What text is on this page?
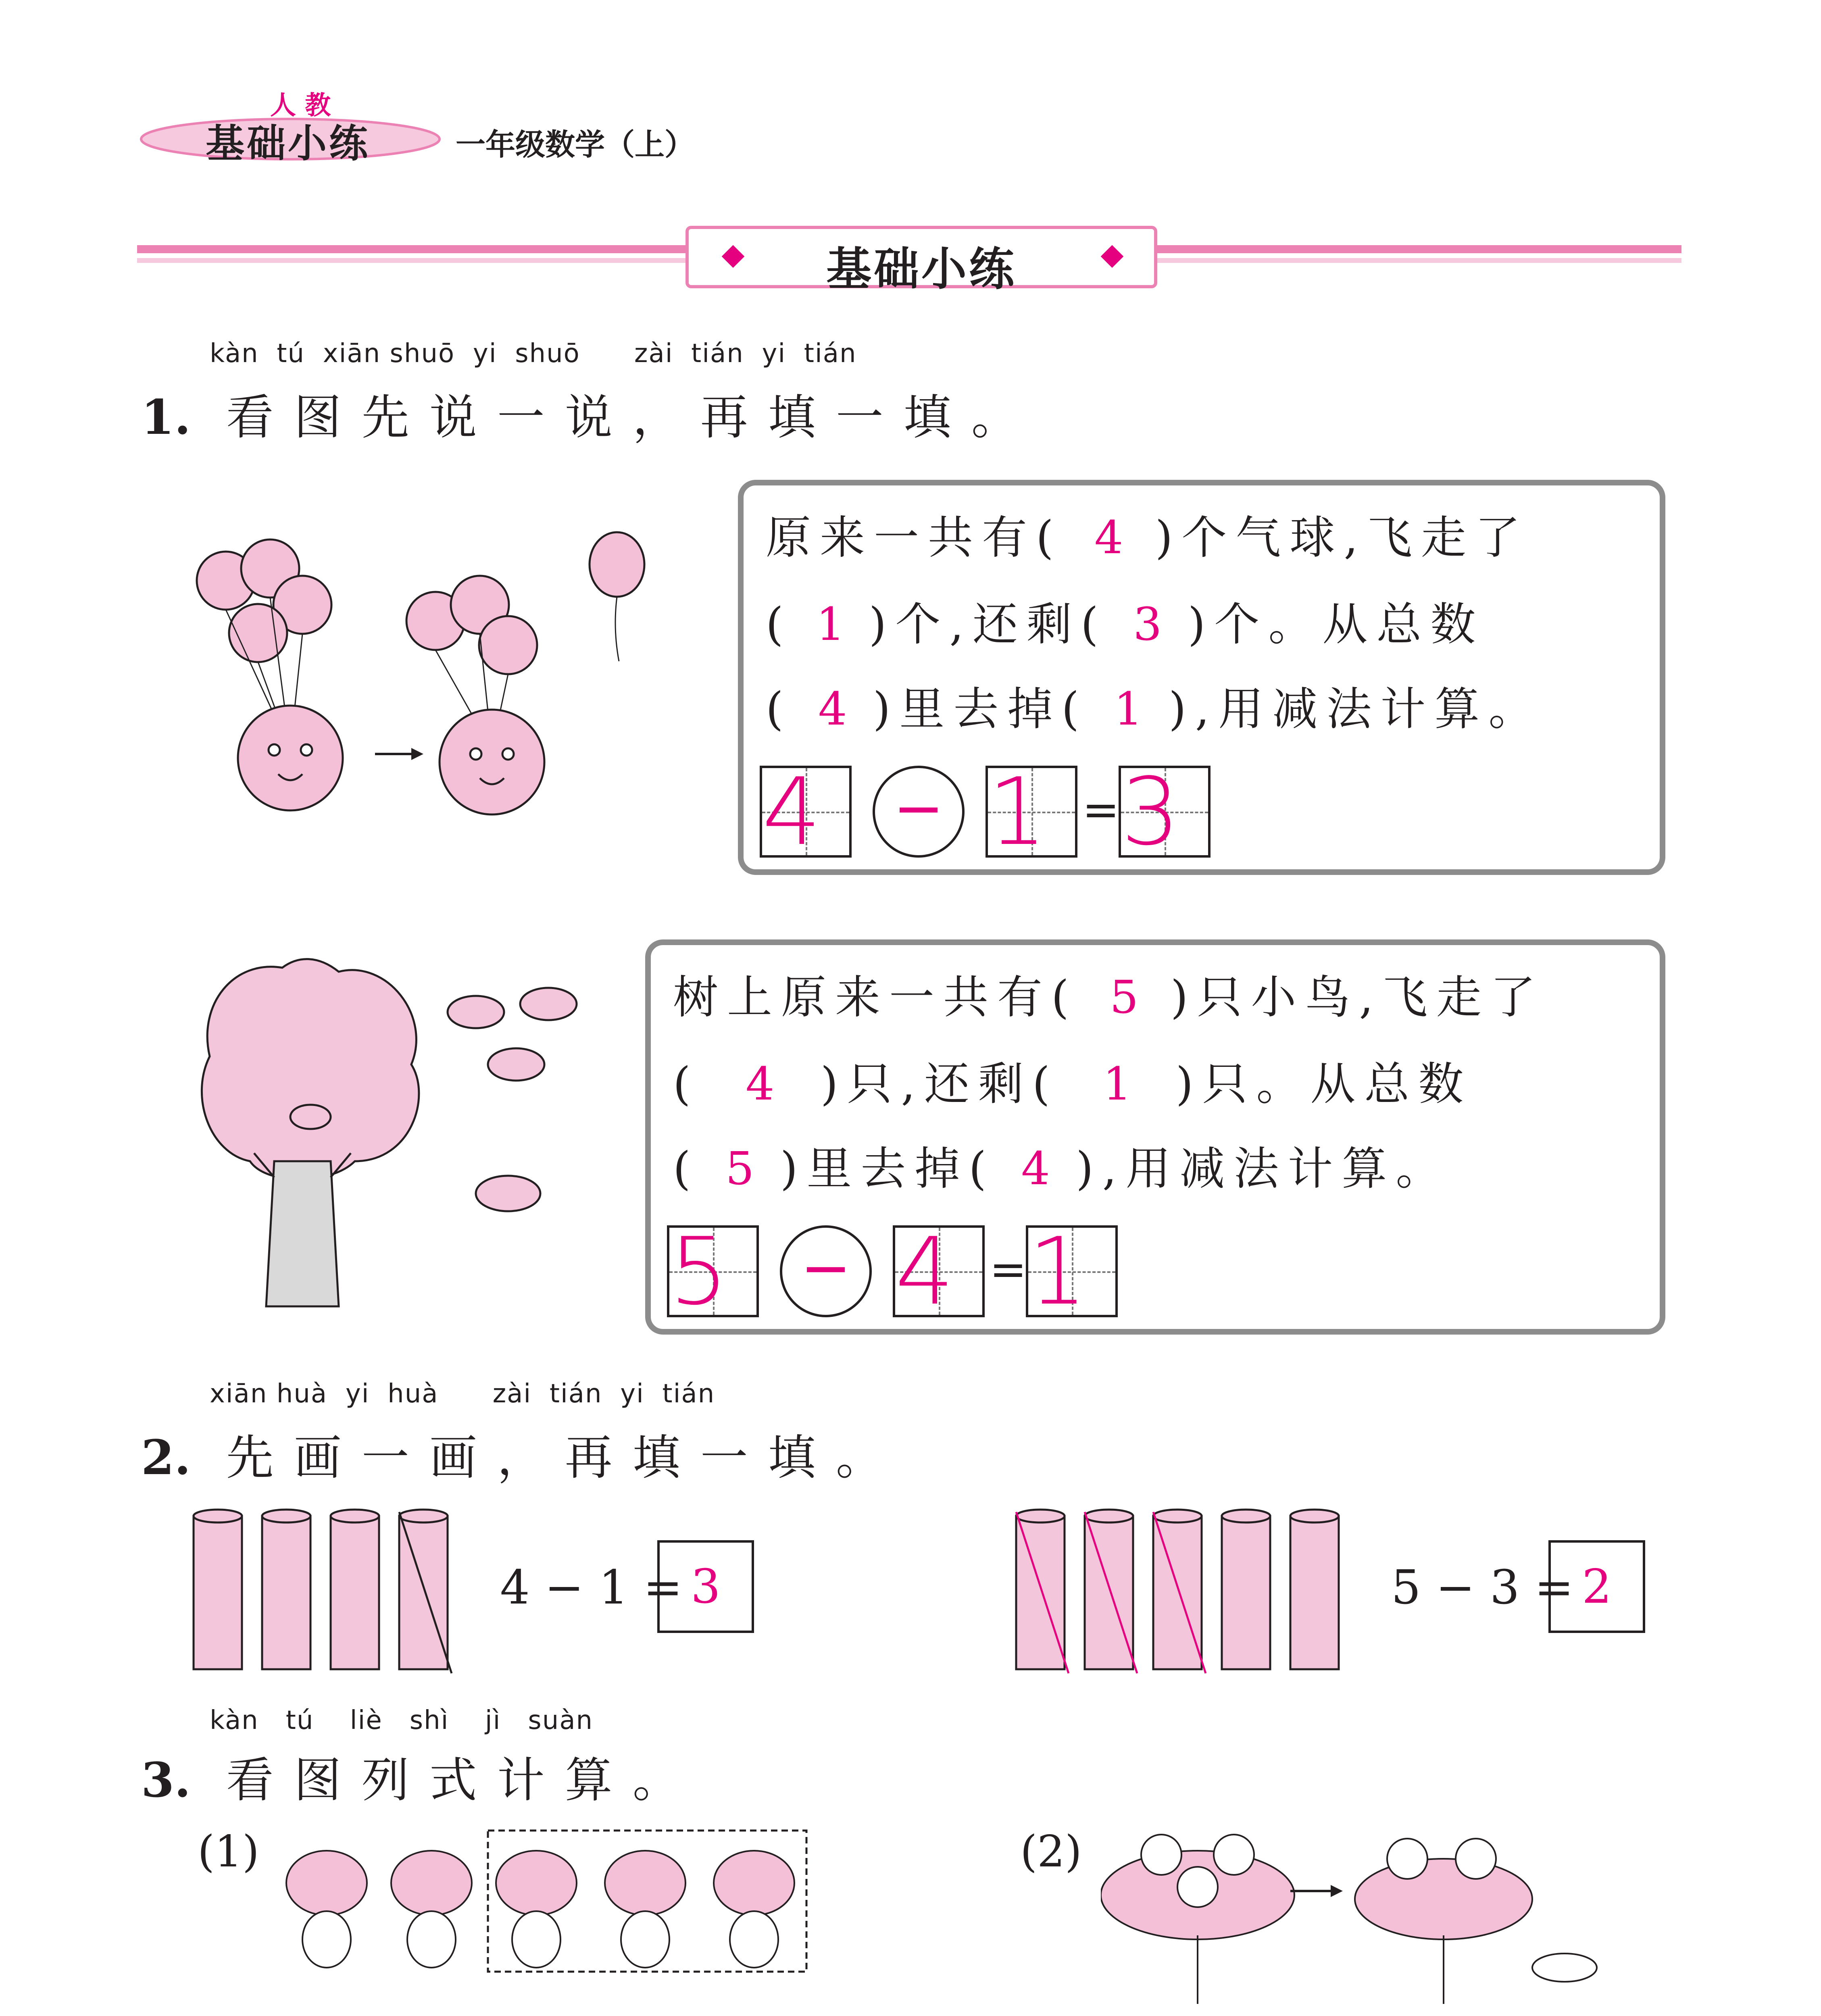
人 教
基础小练	一年级数学（上）
基础小练
kàn  tú  xiān shuō  yi  shuō      zài  tián  yi  tián
1. 看图先说一说，再填一填。
原来一共有( 4 )个气球,飞走了
( 1 )个,还剩( 3 )个。从总数
( 4 )里去掉( 1 ),用减法计算。
4	− 1 = 3
树上原来一共有( 5 )只小鸟,飞走了
( 4 )只,还剩( 1 )只。从总数
( 5 )里去掉( 4 ),用减法计算。
5	− 4 = 1
xiān huà  yi  huà      zài  tián  yi  tián
2. 先画一画，再填一填。
4 − 1 = 3	5 − 3 = 2
kàn   tú    liè   shì    jì   suàn
3. 看图列式计算。
(1)	(2)
